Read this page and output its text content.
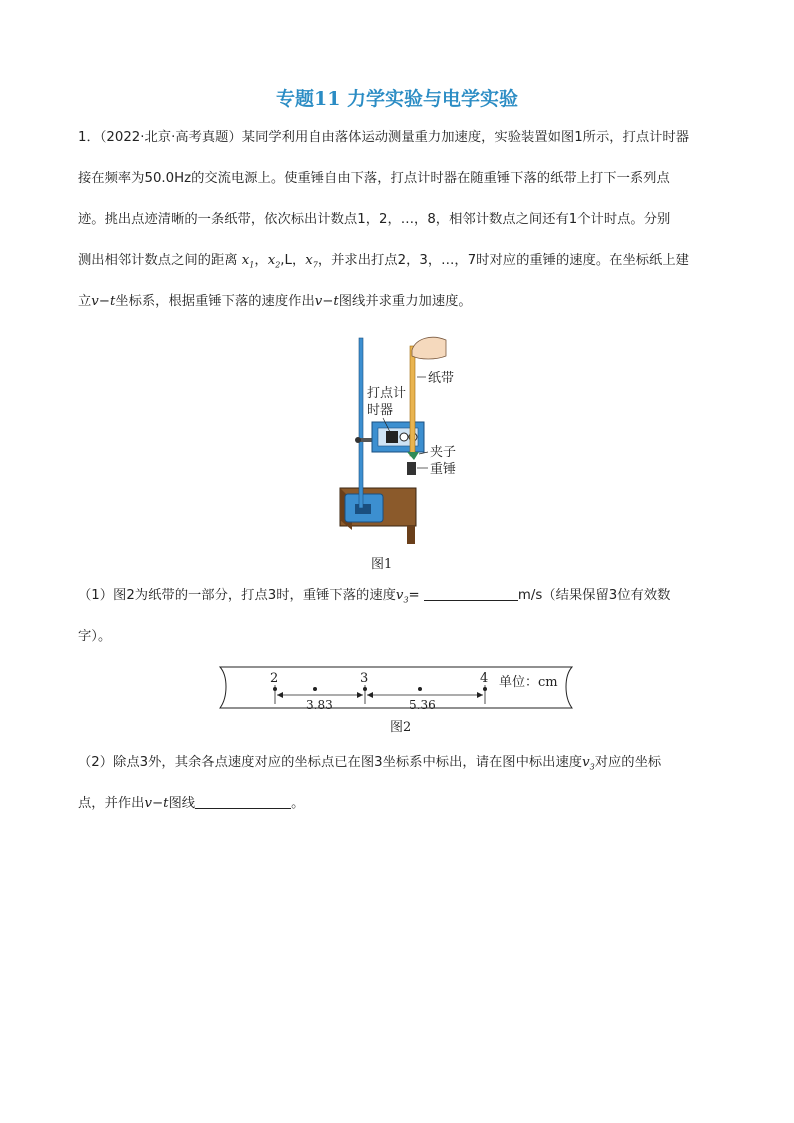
专题11 力学实验与电学实验
1．（2022·北京·高考真题）某同学利用自由落体运动测量重力加速度，实验装置如图1所示，打点计时器
接在频率为50.0Hz的交流电源上。使重锤自由下落，打点计时器在随重锤下落的纸带上打下一系列点
迹。挑出点迹清晰的一条纸带，依次标出计数点1，2，…，8，相邻计数点之间还有1个计时点。分别
测出相邻计数点之间的距离 $x_1$，$x_2,L$，$x_7$，并求出打点2，3，…，7时对应的重锤的速度。在坐标纸上建
立v−t坐标系，根据重锤下落的速度作出v−t图线并求重力加速度。
纸带
打点计
时器
夹子
重锤
图1
（1）图2为纸带的一部分，打点3时，重锤下落的速度$v_3=$	m/s（结果保留3位有效数
字）。
2	3	4
3.83	5.36
单位：cm
图2
（2）除点3外，其余各点速度对应的坐标点已在图3坐标系中标出，请在图中标出速度$v_3$对应的坐标
点，并作出v−t图线	。
